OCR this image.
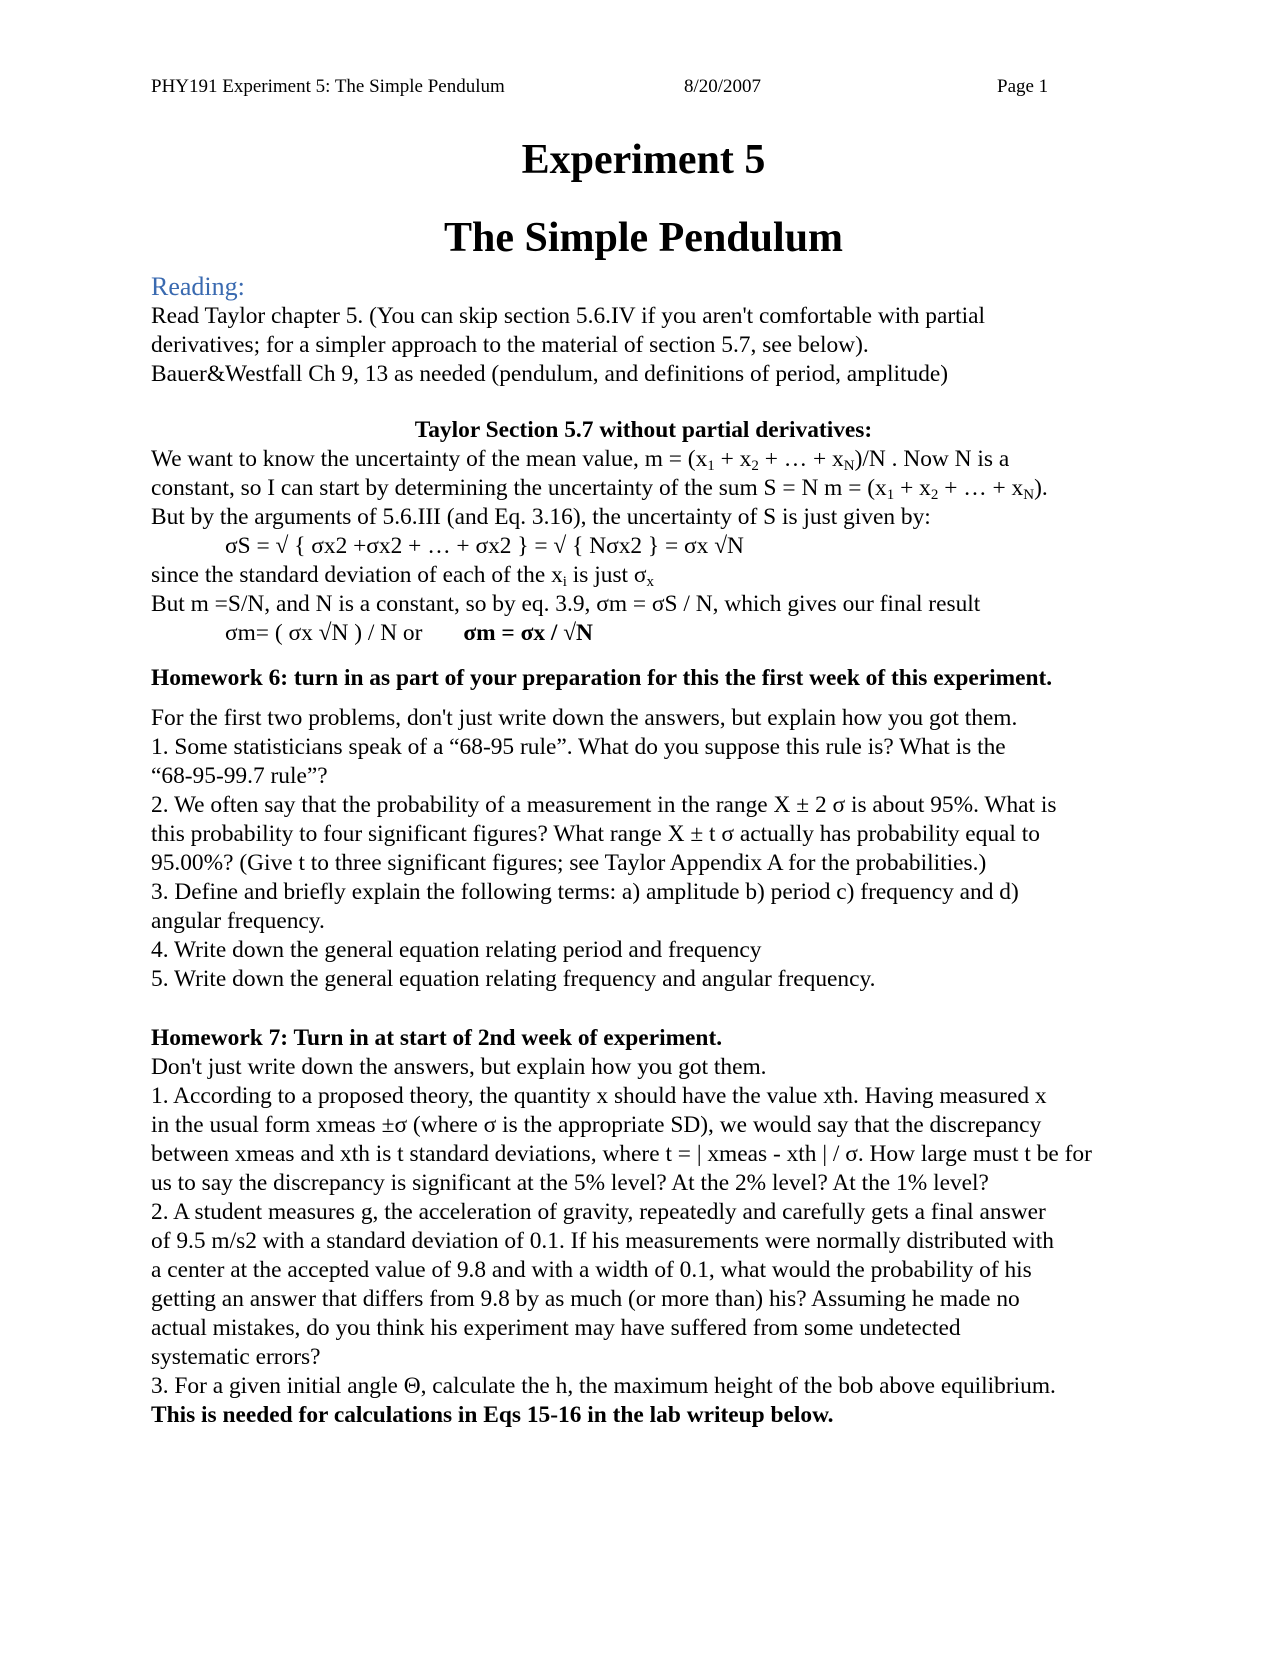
PHY191 Experiment 5: The Simple Pendulum	8/20/2007	Page 1
Experiment 5
The Simple Pendulum
Reading:
Read Taylor chapter 5. (You can skip section 5.6.IV if you aren't comfortable with partial
derivatives; for a simpler approach to the material of section 5.7, see below).
Bauer&Westfall Ch 9, 13 as needed (pendulum, and definitions of period, amplitude)
Taylor Section 5.7 without partial derivatives:
We want to know the uncertainty of the mean value, $m = (x_1 + x_2$ + … + $x_N)/N$ . Now N is a
constant, so I can start by determining the uncertainty of the sum S = N $m = (x_1 + x_2$ + … + $x_N$).
But by the arguments of 5.6.III (and Eq. 3.16), the uncertainty of S is just given by:
σS = √ { σx2 +σx2 + … + σx2 } = √ { Nσx2 } = σx √N
since the standard deviation of each of the $x_i$ is just $\sigma_x$
But m =S/N, and N is a constant, so by eq. 3.9, σm = σS / N, which gives our final result
σm= ( σx √N ) / N or σm = σx / √N
Homework 6: turn in as part of your preparation for this the first week of this experiment.
For the first two problems, don't just write down the answers, but explain how you got them.
1. Some statisticians speak of a “68-95 rule”. What do you suppose this rule is? What is the
“68-95-99.7 rule”?
2. We often say that the probability of a measurement in the range X ± 2 σ is about 95%. What is
this probability to four significant figures? What range X ± t σ actually has probability equal to
95.00%? (Give t to three significant figures; see Taylor Appendix A for the probabilities.)
3. Define and briefly explain the following terms: a) amplitude b) period c) frequency and d)
angular frequency.
4. Write down the general equation relating period and frequency
5. Write down the general equation relating frequency and angular frequency.
Homework 7: Turn in at start of 2nd week of experiment.
Don't just write down the answers, but explain how you got them.
1. According to a proposed theory, the quantity x should have the value xth. Having measured x
in the usual form xmeas ±σ (where σ is the appropriate SD), we would say that the discrepancy
between xmeas and xth is t standard deviations, where t = | xmeas - xth | / σ. How large must t be for
us to say the discrepancy is significant at the 5% level? At the 2% level? At the 1% level?
2. A student measures g, the acceleration of gravity, repeatedly and carefully gets a final answer
of 9.5 m/s2 with a standard deviation of 0.1. If his measurements were normally distributed with
a center at the accepted value of 9.8 and with a width of 0.1, what would the probability of his
getting an answer that differs from 9.8 by as much (or more than) his? Assuming he made no
actual mistakes, do you think his experiment may have suffered from some undetected
systematic errors?
3. For a given initial angle Θ, calculate the h, the maximum height of the bob above equilibrium.
This is needed for calculations in Eqs 15-16 in the lab writeup below.
